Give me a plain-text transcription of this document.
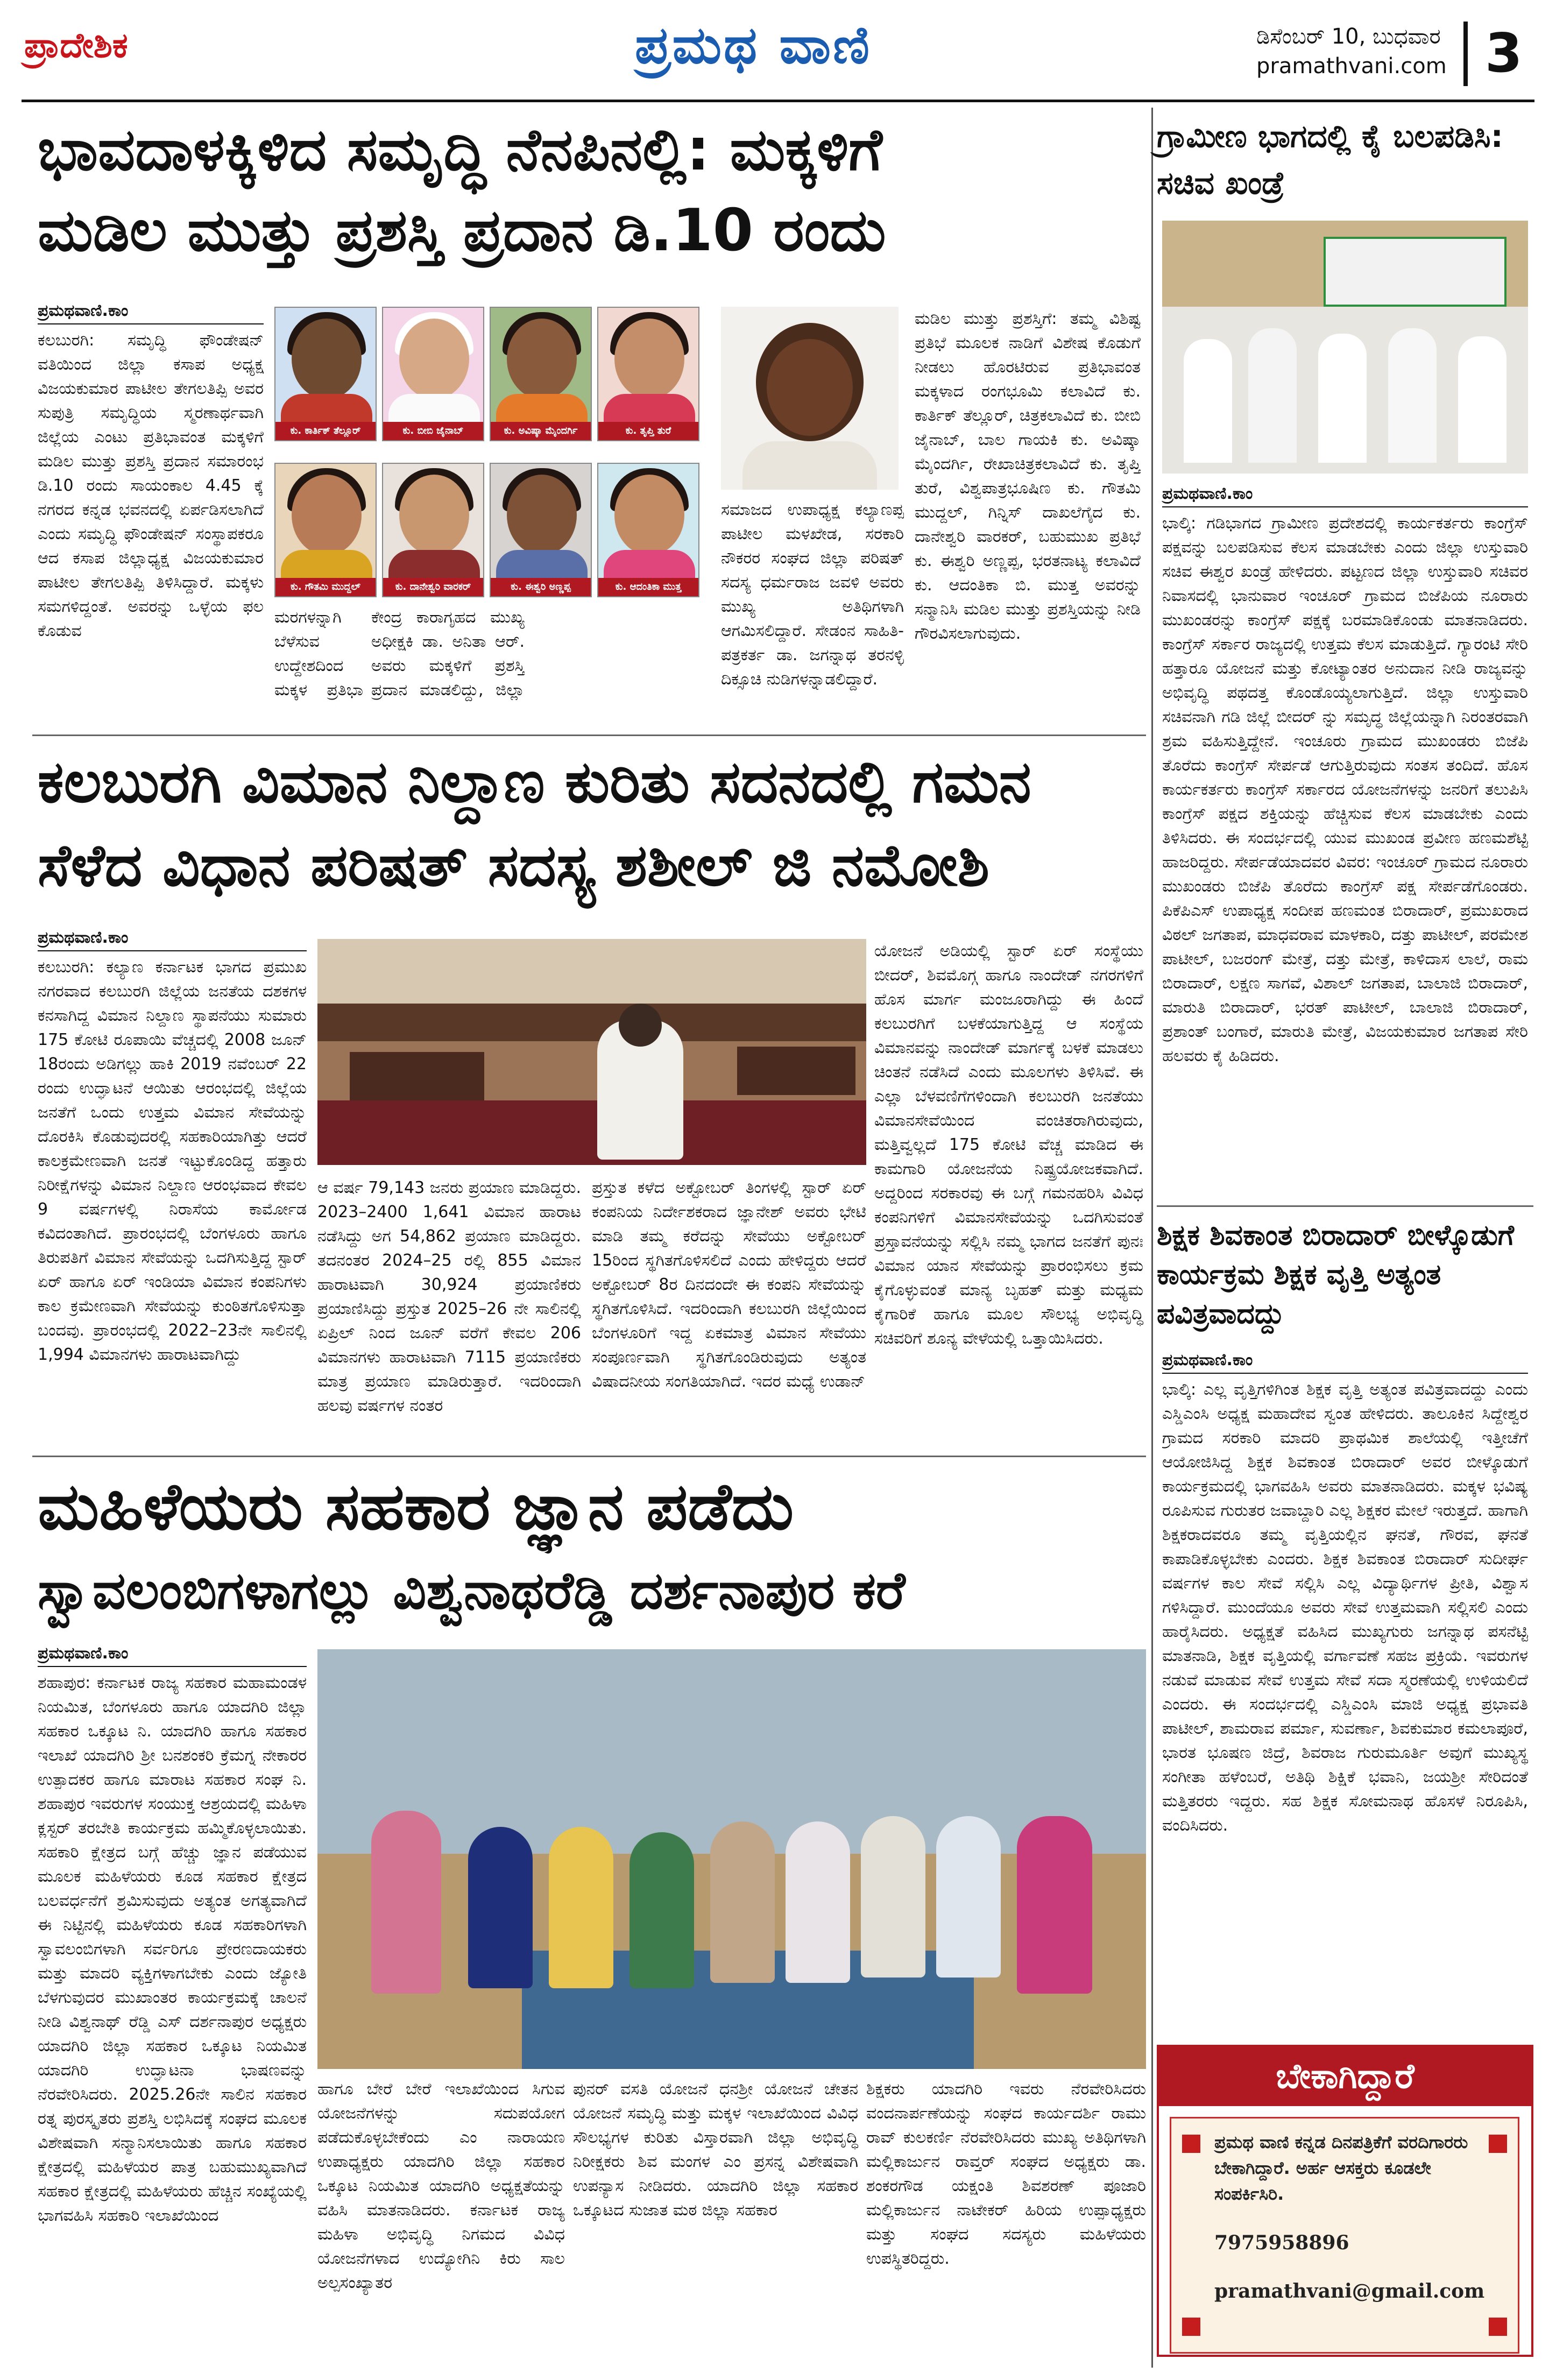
ಪ್ರಾದೇಶಿಕ	ಪ್ರಮಥ ವಾಣಿ	ಡಿಸೆಂಬರ್ 10, ಬುಧವಾರ
pramathvani.com 3
ಭಾವದಾಳಕ್ಕಿಳಿದ ಸಮೃದ್ಧಿ ನೆನಪಿನಲ್ಲಿ: ಮಕ್ಕಳಿಗೆ
ಮಡಿಲ ಮುತ್ತು ಪ್ರಶಸ್ತಿ ಪ್ರದಾನ ಡಿ.10 ರಂದು
ಪ್ರಮಥವಾಣಿ.ಕಾಂ
ಕಲಬುರಗಿ: ಸಮೃದ್ಧಿ ಫೌಂಡೇಷನ್ ವತಿಯಿಂದ ಜಿಲ್ಲಾ ಕಸಾಪ ಅಧ್ಯಕ್ಷ ವಿಜಯಕುಮಾರ ಪಾಟೀಲ ತೇಗಲತಿಪ್ಪಿ ಅವರ ಸುಪುತ್ರಿ ಸಮೃದ್ಧಿಯ ಸ್ಮರಣಾರ್ಥವಾಗಿ ಜಿಲ್ಲೆಯ ಎಂಟು ಪ್ರತಿಭಾವಂತ ಮಕ್ಕಳಿಗೆ ಮಡಿಲ ಮುತ್ತು ಪ್ರಶಸ್ತಿ ಪ್ರದಾನ ಸಮಾರಂಭ ಡಿ.10 ರಂದು ಸಾಯಂಕಾಲ 4.45 ಕ್ಕೆ ನಗರದ ಕನ್ನಡ ಭವನದಲ್ಲಿ ಏರ್ಪಡಿಸಲಾಗಿದೆ ಎಂದು ಸಮೃದ್ಧಿ ಫೌಂಡೇಷನ್ ಸಂಸ್ಥಾಪಕರೂ ಆದ ಕಸಾಪ ಜಿಲ್ಲಾಧ್ಯಕ್ಷ ವಿಜಯಕುಮಾರ ಪಾಟೀಲ ತೇಗಲತಿಪ್ಪಿ ತಿಳಿಸಿದ್ದಾರೆ. ಮಕ್ಕಳು ಸಮಗಳಿದ್ದಂತೆ. ಅವರನ್ನು ಒಳ್ಳೆಯ ಫಲ ಕೊಡುವ
ಕು. ಕಾರ್ತಿಕ್ ತೆಲ್ಲೂರ್	ಕು. ಬೀಬಿ ಜೈನಾಬ್	ಕು. ಅವಿಷ್ಕಾ ಮೈಂದರ್ಗಿ	ಕು. ತೃಪ್ತಿ ತುರೆ
ಕು. ಗೌತಮಿ ಮುದ್ದಲ್	ಕು. ದಾನೇಶ್ವರಿ ವಾರಕರ್	ಕು. ಈಶ್ವರಿ ಅಣ್ಣಪ್ಪ	ಕು. ಆದಂತಿಕಾ ಮುತ್ತ
ಮರಗಳನ್ನಾಗಿ ಬೆಳೆಸುವ ಉದ್ದೇಶದಿಂದ ಮಕ್ಕಳ ಪ್ರತಿಭಾ
ಕೇಂದ್ರ ಕಾರಾಗೃಹದ ಮುಖ್ಯ ಅಧೀಕ್ಷಕಿ ಡಾ. ಅನಿತಾ ಆರ್. ಅವರು ಮಕ್ಕಳಿಗೆ ಪ್ರಶಸ್ತಿ ಪ್ರದಾನ ಮಾಡಲಿದ್ದು, ಜಿಲ್ಲಾ
ಸಮಾಜದ ಉಪಾಧ್ಯಕ್ಷ ಕಲ್ಯಾಣಪ್ಪ ಪಾಟೀಲ ಮಳಖೇಡ, ಸರಕಾರಿ ನೌಕರರ ಸಂಘದ ಜಿಲ್ಲಾ ಪರಿಷತ್ ಸದಸ್ಯ ಧರ್ಮರಾಜ ಜವಳಿ ಅವರು ಮುಖ್ಯ ಅತಿಥಿಗಳಾಗಿ ಆಗಮಿಸಲಿದ್ದಾರೆ. ಸೇಡಂನ ಸಾಹಿತಿ-ಪತ್ರಕರ್ತ ಡಾ. ಜಗನ್ನಾಥ ತರನಳ್ಳಿ ದಿಕ್ಸೂಚಿ ನುಡಿಗಳನ್ನಾಡಲಿದ್ದಾರೆ.
ಮಡಿಲ ಮುತ್ತು ಪ್ರಶಸ್ತಿಗೆ: ತಮ್ಮ ವಿಶಿಷ್ಟ ಪ್ರತಿಭೆ ಮೂಲಕ ನಾಡಿಗೆ ವಿಶೇಷ ಕೊಡುಗೆ ನೀಡಲು ಹೊರಟಿರುವ ಪ್ರತಿಭಾವಂತ ಮಕ್ಕಳಾದ ರಂಗಭೂಮಿ ಕಲಾವಿದೆ ಕು. ಕಾರ್ತಿಕ್ ತೆಲ್ಲೂರ್, ಚಿತ್ರಕಲಾವಿದೆ ಕು. ಬೀಬಿ ಜೈನಾಬ್, ಬಾಲ ಗಾಯಕಿ ಕು. ಅವಿಷ್ಕಾ ಮೈಂದರ್ಗಿ, ರೇಖಾಚಿತ್ರಕಲಾವಿದೆ ಕು. ತೃಪ್ತಿ ತುರೆ, ವಿಶ್ವಪಾತ್ರಭೂಷಿಣ ಕು. ಗೌತಮಿ ಮುದ್ದಲ್, ಗಿನ್ನಿಸ್ ದಾಖಲೆಗೈದ ಕು. ದಾನೇಶ್ವರಿ ವಾರಕರ್, ಬಹುಮುಖ ಪ್ರತಿಭೆ ಕು. ಈಶ್ವರಿ ಅಣ್ಣಪ್ಪ, ಭರತನಾಟ್ಯ ಕಲಾವಿದೆ ಕು. ಆದಂತಿಕಾ ಬಿ. ಮುತ್ತ ಅವರನ್ನು ಸನ್ಮಾನಿಸಿ ಮಡಿಲ ಮುತ್ತು ಪ್ರಶಸ್ತಿಯನ್ನು ನೀಡಿ ಗೌರವಿಸಲಾಗುವುದು.
ಕಲಬುರಗಿ ವಿಮಾನ ನಿಲ್ದಾಣ ಕುರಿತು ಸದನದಲ್ಲಿ ಗಮನ
ಸೆಳೆದ ವಿಧಾನ ಪರಿಷತ್ ಸದಸ್ಯ ಶಶೀಲ್ ಜಿ ನಮೋಶಿ
ಪ್ರಮಥವಾಣಿ.ಕಾಂ
ಕಲಬುರಗಿ: ಕಲ್ಯಾಣ ಕರ್ನಾಟಕ ಭಾಗದ ಪ್ರಮುಖ ನಗರವಾದ ಕಲಬುರಗಿ ಜಿಲ್ಲೆಯ ಜನತೆಯ ದಶಕಗಳ ಕನಸಾಗಿದ್ದ ವಿಮಾನ ನಿಲ್ದಾಣ ಸ್ಥಾಪನೆಯು ಸುಮಾರು 175 ಕೋಟಿ ರೂಪಾಯಿ ವೆಚ್ಚದಲ್ಲಿ 2008 ಜೂನ್ 18ರಂದು ಅಡಿಗಲ್ಲು ಹಾಕಿ 2019 ನವೆಂಬರ್ 22 ರಂದು ಉದ್ಘಾಟನೆ ಆಯಿತು ಆರಂಭದಲ್ಲಿ ಜಿಲ್ಲೆಯ ಜನತೆಗೆ ಒಂದು ಉತ್ತಮ ವಿಮಾನ ಸೇವೆಯನ್ನು ದೊರಕಿಸಿ ಕೊಡುವುದರಲ್ಲಿ ಸಹಕಾರಿಯಾಗಿತ್ತು ಆದರೆ ಕಾಲಕ್ರಮೇಣವಾಗಿ ಜನತೆ ಇಟ್ಟುಕೊಂಡಿದ್ದ ಹತ್ತಾರು ನಿರೀಕ್ಷೆಗಳನ್ನು ವಿಮಾನ ನಿಲ್ದಾಣ ಆರಂಭವಾದ ಕೇವಲ 9 ವರ್ಷಗಳಲ್ಲಿ ನಿರಾಸೆಯ ಕಾರ್ಮೋಡ ಕವಿದಂತಾಗಿದೆ. ಪ್ರಾರಂಭದಲ್ಲಿ ಬೆಂಗಳೂರು ಹಾಗೂ ತಿರುಪತಿಗೆ ವಿಮಾನ ಸೇವೆಯನ್ನು ಒದಗಿಸುತ್ತಿದ್ದ ಸ್ಟಾರ್ ಏರ್ ಹಾಗೂ ಏರ್ ಇಂಡಿಯಾ ವಿಮಾನ ಕಂಪನಿಗಳು ಕಾಲ ಕ್ರಮೇಣವಾಗಿ ಸೇವೆಯನ್ನು ಕುಂಠಿತಗೊಳಿಸುತ್ತಾ ಬಂದವು. ಪ್ರಾರಂಭದಲ್ಲಿ 2022–23ನೇ ಸಾಲಿನಲ್ಲಿ 1,994 ವಿಮಾನಗಳು ಹಾರಾಟವಾಗಿದ್ದು
ಆ ವರ್ಷ 79,143 ಜನರು ಪ್ರಯಾಣ ಮಾಡಿದ್ದರು. 2023–2400 1,641 ವಿಮಾನ ಹಾರಾಟ ನಡೆಸಿದ್ದು ಅಗ 54,862 ಪ್ರಯಾಣ ಮಾಡಿದ್ದರು. ತದನಂತರ 2024–25 ರಲ್ಲಿ 855 ವಿಮಾನ ಹಾರಾಟವಾಗಿ 30,924 ಪ್ರಯಾಣಿಕರು ಪ್ರಯಾಣಿಸಿದ್ದು ಪ್ರಸ್ತುತ 2025–26 ನೇ ಸಾಲಿನಲ್ಲಿ ಏಪ್ರಿಲ್ ನಿಂದ ಜೂನ್ ವರೆಗೆ ಕೇವಲ 206 ವಿಮಾನಗಳು ಹಾರಾಟವಾಗಿ 7115 ಪ್ರಯಾಣಿಕರು ಮಾತ್ರ ಪ್ರಯಾಣ ಮಾಡಿರುತ್ತಾರೆ. ಇದರಿಂದಾಗಿ ಹಲವು ವರ್ಷಗಳ ನಂತರ
ಪ್ರಸ್ತುತ ಕಳೆದ ಅಕ್ಟೋಬರ್ ತಿಂಗಳಲ್ಲಿ ಸ್ಟಾರ್ ಏರ್ ಕಂಪನಿಯ ನಿರ್ದೇಶಕರಾದ ಜ್ಞಾನೇಶ್ ಅವರು ಭೇಟಿ ಮಾಡಿ ತಮ್ಮ ಕರೆದನ್ನು ಸೇವೆಯು ಅಕ್ಟೋಬರ್ 15ರಿಂದ ಸ್ಥಗಿತಗೊಳಿಸಲಿದೆ ಎಂದು ಹೇಳಿದ್ದರು ಆದರೆ ಅಕ್ಟೋಬರ್ 8ರ ದಿನದಂದೇ ಈ ಕಂಪನಿ ಸೇವೆಯನ್ನು ಸ್ಥಗಿತಗೊಳಿಸಿದೆ. ಇದರಿಂದಾಗಿ ಕಲಬುರಗಿ ಜಿಲ್ಲೆಯಿಂದ ಬೆಂಗಳೂರಿಗೆ ಇದ್ದ ಏಕಮಾತ್ರ ವಿಮಾನ ಸೇವೆಯು ಸಂಪೂರ್ಣವಾಗಿ ಸ್ಥಗಿತಗೊಂಡಿರುವುದು ಅತ್ಯಂತ ವಿಷಾದನೀಯ ಸಂಗತಿಯಾಗಿದೆ. ಇದರ ಮಧ್ಯೆ ಉಡಾನ್
ಯೋಜನೆ ಅಡಿಯಲ್ಲಿ ಸ್ಟಾರ್ ಏರ್ ಸಂಸ್ಥೆಯು ಬೀದರ್, ಶಿವಮೊಗ್ಗ ಹಾಗೂ ನಾಂದೇಡ್ ನಗರಗಳಿಗೆ ಹೊಸ ಮಾರ್ಗ ಮಂಜೂರಾಗಿದ್ದು ಈ ಹಿಂದೆ ಕಲಬುರಗಿಗೆ ಬಳಕೆಯಾಗುತ್ತಿದ್ದ ಆ ಸಂಸ್ಥೆಯ ವಿಮಾನವನ್ನು ನಾಂದೇಡ್ ಮಾರ್ಗಕ್ಕೆ ಬಳಕೆ ಮಾಡಲು ಚಿಂತನೆ ನಡೆಸಿದೆ ಎಂದು ಮೂಲಗಳು ತಿಳಿಸಿವೆ. ಈ ಎಲ್ಲಾ ಬೆಳವಣಿಗೆಗಳಿಂದಾಗಿ ಕಲಬುರಗಿ ಜನತೆಯು ವಿಮಾನಸೇವೆಯಿಂದ ವಂಚಿತರಾಗಿರುವುದು, ಮತ್ತಿವ್ವಲ್ಲದೆ 175 ಕೋಟಿ ವೆಚ್ಚ ಮಾಡಿದ ಈ ಕಾಮಗಾರಿ ಯೋಜನೆಯ ನಿಷ್ಪ್ರಯೋಜಕವಾಗಿದೆ. ಅದ್ದರಿಂದ ಸರಕಾರವು ಈ ಬಗ್ಗೆ ಗಮನಹರಿಸಿ ವಿವಿಧ ಕಂಪನಿಗಳಿಗೆ ವಿಮಾನಸೇವೆಯನ್ನು ಒದಗಿಸುವಂತೆ ಪ್ರಸ್ತಾವನೆಯನ್ನು ಸಲ್ಲಿಸಿ ನಮ್ಮ ಭಾಗದ ಜನತೆಗೆ ಪುನಃ ವಿಮಾನ ಯಾನ ಸೇವೆಯನ್ನು ಪ್ರಾರಂಭಿಸಲು ಕ್ರಮ ಕೈಗೊಳ್ಳುವಂತೆ ಮಾನ್ಯ ಬೃಹತ್ ಮತ್ತು ಮಧ್ಯಮ ಕೈಗಾರಿಕೆ ಹಾಗೂ ಮೂಲ ಸೌಲಭ್ಯ ಅಭಿವೃದ್ಧಿ ಸಚಿವರಿಗೆ ಶೂನ್ಯ ವೇಳೆಯಲ್ಲಿ ಒತ್ತಾಯಿಸಿದರು.
ಮಹಿಳೆಯರು ಸಹಕಾರ ಜ್ಞಾನ ಪಡೆದು
ಸ್ವಾವಲಂಬಿಗಳಾಗಲ್ಲು ವಿಶ್ವನಾಥರೆಡ್ಡಿ ದರ್ಶನಾಪುರ ಕರೆ
ಪ್ರಮಥವಾಣಿ.ಕಾಂ
ಶಹಾಪುರ: ಕರ್ನಾಟಕ ರಾಜ್ಯ ಸಹಕಾರ ಮಹಾಮಂಡಳ ನಿಯಮಿತ, ಬೆಂಗಳೂರು ಹಾಗೂ ಯಾದಗಿರಿ ಜಿಲ್ಲಾ ಸಹಕಾರ ಒಕ್ಕೂಟ ನಿ. ಯಾದಗಿರಿ ಹಾಗೂ ಸಹಕಾರ ಇಲಾಖೆ ಯಾದಗಿರಿ ಶ್ರೀ ಬನಶಂಕರಿ ಕ್ರೆಮಗ್ನ ನೇಕಾರರ ಉತ್ಪಾದಕರ ಹಾಗೂ ಮಾರಾಟ ಸಹಕಾರ ಸಂಘ ನಿ. ಶಹಾಪುರ ಇವರುಗಳ ಸಂಯುಕ್ತ ಆಶ್ರಯದಲ್ಲಿ ಮಹಿಳಾ ಕ್ಲಸ್ಟರ್ ತರಬೇತಿ ಕಾರ್ಯಕ್ರಮ ಹಮ್ಮಿಕೊಳ್ಳಲಾಯಿತು. ಸಹಕಾರಿ ಕ್ಷೇತ್ರದ ಬಗ್ಗೆ ಹೆಚ್ಚು ಜ್ಞಾನ ಪಡೆಯುವ ಮೂಲಕ ಮಹಿಳೆಯರು ಕೂಡ ಸಹಕಾರ ಕ್ಷೇತ್ರದ ಬಲವರ್ಧನೆಗೆ ಶ್ರಮಿಸುವುದು ಅತ್ಯಂತ ಅಗತ್ಯವಾಗಿದೆ ಈ ನಿಟ್ಟಿನಲ್ಲಿ ಮಹಿಳೆಯರು ಕೂಡ ಸಹಕಾರಿಗಳಾಗಿ ಸ್ವಾವಲಂಬಿಗಳಾಗಿ ಸರ್ವರಿಗೂ ಪ್ರೇರಣದಾಯಕರು ಮತ್ತು ಮಾದರಿ ವ್ಯಕ್ತಿಗಳಾಗಬೇಕು ಎಂದು ಜ್ಯೋತಿ ಬೆಳಗುವುದರ ಮುಖಾಂತರ ಕಾರ್ಯಕ್ರಮಕ್ಕೆ ಚಾಲನೆ ನೀಡಿ ವಿಶ್ವನಾಥ್ ರೆಡ್ಡಿ ಎಸ್ ದರ್ಶನಾಪುರ ಅಧ್ಯಕ್ಷರು ಯಾದಗಿರಿ ಜಿಲ್ಲಾ ಸಹಕಾರ ಒಕ್ಕೂಟ ನಿಯಮಿತ ಯಾದಗಿರಿ ಉದ್ಘಾಟನಾ ಭಾಷಣವನ್ನು ನೆರವೇರಿಸಿದರು. 2025.26ನೇ ಸಾಲಿನ ಸಹಕಾರ ರತ್ನ ಪುರಸ್ಕೃತರು ಪ್ರಶಸ್ತಿ ಲಭಿಸಿದಕ್ಕೆ ಸಂಘದ ಮೂಲಕ ವಿಶೇಷವಾಗಿ ಸನ್ಮಾನಿಸಲಾಯಿತು ಹಾಗೂ ಸಹಕಾರ ಕ್ಷೇತ್ರದಲ್ಲಿ ಮಹಿಳೆಯರ ಪಾತ್ರ ಬಹುಮುಖ್ಯವಾಗಿದೆ ಸಹಕಾರ ಕ್ಷೇತ್ರದಲ್ಲಿ ಮಹಿಳೆಯರು ಹೆಚ್ಚಿನ ಸಂಖ್ಯೆಯಲ್ಲಿ ಭಾಗವಹಿಸಿ ಸಹಕಾರಿ ಇಲಾಖೆಯಿಂದ
ಹಾಗೂ ಬೇರೆ ಬೇರೆ ಇಲಾಖೆಯಿಂದ ಸಿಗುವ ಯೋಜನೆಗಳನ್ನು ಸದುಪಯೋಗ ಪಡೆದುಕೊಳ್ಳಬೇಕೆಂದು ಎಂ ನಾರಾಯಣ ಉಪಾಧ್ಯಕ್ಷರು ಯಾದಗಿರಿ ಜಿಲ್ಲಾ ಸಹಕಾರ ಒಕ್ಕೂಟ ನಿಯಮಿತ ಯಾದಗಿರಿ ಅಧ್ಯಕ್ಷತೆಯನ್ನು ವಹಿಸಿ ಮಾತನಾಡಿದರು. ಕರ್ನಾಟಕ ರಾಜ್ಯ ಮಹಿಳಾ ಅಭಿವೃದ್ಧಿ ನಿಗಮದ ವಿವಿಧ ಯೋಜನೆಗಳಾದ ಉದ್ಯೋಗಿನಿ ಕಿರು ಸಾಲ ಅಲ್ಪಸಂಖ್ಯಾತರ
ಪುನರ್ ವಸತಿ ಯೋಜನೆ ಧನಶ್ರೀ ಯೋಜನೆ ಚೇತನ ಯೋಜನೆ ಸಮೃದ್ಧಿ ಮತ್ತು ಮಕ್ಕಳ ಇಲಾಖೆಯಿಂದ ವಿವಿಧ ಸೌಲಭ್ಯಗಳ ಕುರಿತು ವಿಸ್ತಾರವಾಗಿ ಜಿಲ್ಲಾ ಅಭಿವೃದ್ಧಿ ನಿರೀಕ್ಷಕರು ಶಿವ ಮಂಗಳ ಎಂ ಪ್ರಸನ್ನ ವಿಶೇಷವಾಗಿ ಉಪನ್ಯಾಸ ನೀಡಿದರು. ಯಾದಗಿರಿ ಜಿಲ್ಲಾ ಸಹಕಾರ ಒಕ್ಕೂಟದ ಸುಜಾತ ಮಠ ಜಿಲ್ಲಾ ಸಹಕಾರ
ಶಿಕ್ಷಕರು ಯಾದಗಿರಿ ಇವರು ನೆರವೇರಿಸಿದರು ವಂದನಾರ್ಪಣೆಯನ್ನು ಸಂಘದ ಕಾರ್ಯದರ್ಶಿ ರಾಮು ರಾವ್ ಕುಲಕರ್ಣಿ ನೆರವೇರಿಸಿದರು ಮುಖ್ಯ ಅತಿಥಿಗಳಾಗಿ ಮಲ್ಲಿಕಾರ್ಜುನ ರಾವ್ತರ್ ಸಂಘದ ಅಧ್ಯಕ್ಷರು ಡಾ. ಶಂಕರಗೌಡ ಯಕ್ಷಂತಿ ಶಿವಶರಣ್ ಪೂಜಾರಿ ಮಲ್ಲಿಕಾರ್ಜುನ ನಾಟೇಕರ್ ಹಿರಿಯ ಉಪ್ಪಾಧ್ಯಕ್ಷರು ಮತ್ತು ಸಂಘದ ಸದಸ್ಯರು ಮಹಿಳೆಯರು ಉಪಸ್ಥಿತರಿದ್ದರು.
ಗ್ರಾಮೀಣ ಭಾಗದಲ್ಲಿ ಕೈ ಬಲಪಡಿಸಿ: ಸಚಿವ ಖಂಡ್ರೆ
ಪ್ರಮಥವಾಣಿ.ಕಾಂ
ಭಾಲ್ಕಿ: ಗಡಿಭಾಗದ ಗ್ರಾಮೀಣ ಪ್ರದೇಶದಲ್ಲಿ ಕಾರ್ಯಕರ್ತರು ಕಾಂಗ್ರೆಸ್ ಪಕ್ಷವನ್ನು ಬಲಪಡಿಸುವ ಕೆಲಸ ಮಾಡಬೇಕು ಎಂದು ಜಿಲ್ಲಾ ಉಸ್ತುವಾರಿ ಸಚಿವ ಈಶ್ವರ ಖಂಡ್ರೆ ಹೇಳಿದರು. ಪಟ್ಟಣದ ಜಿಲ್ಲಾ ಉಸ್ತುವಾರಿ ಸಚಿವರ ನಿವಾಸದಲ್ಲಿ ಭಾನುವಾರ ಇಂಚೂರ್ ಗ್ರಾಮದ ಬಿಜೆಪಿಯ ನೂರಾರು ಮುಖಂಡರನ್ನು ಕಾಂಗ್ರೆಸ್ ಪಕ್ಷಕ್ಕೆ ಬರಮಾಡಿಕೊಂಡು ಮಾತನಾಡಿದರು. ಕಾಂಗ್ರೆಸ್ ಸರ್ಕಾರ ರಾಜ್ಯದಲ್ಲಿ ಉತ್ತಮ ಕೆಲಸ ಮಾಡುತ್ತಿದೆ. ಗ್ಯಾರಂಟಿ ಸೇರಿ ಹತ್ತಾರೂ ಯೋಜನೆ ಮತ್ತು ಕೋಟ್ಯಾಂತರ ಅನುದಾನ ನೀಡಿ ರಾಜ್ಯವನ್ನು ಅಭಿವೃದ್ಧಿ ಪಥದತ್ತ ಕೊಂಡೊಯ್ಯಲಾಗುತ್ತಿದೆ. ಜಿಲ್ಲಾ ಉಸ್ತುವಾರಿ ಸಚಿವನಾಗಿ ಗಡಿ ಜಿಲ್ಲೆ ಬೀದರ್ ನ್ನು ಸಮೃದ್ಧ ಜಿಲ್ಲೆಯನ್ನಾಗಿ ನಿರಂತರವಾಗಿ ಶ್ರಮ ವಹಿಸುತ್ತಿದ್ದೇನೆ. ಇಂಚೂರು ಗ್ರಾಮದ ಮುಖಂಡರು ಬಿಜೆಪಿ ತೊರೆದು ಕಾಂಗ್ರೆಸ್ ಸೇರ್ಪಡೆ ಆಗುತ್ತಿರುವುದು ಸಂತಸ ತಂದಿದೆ. ಹೊಸ ಕಾರ್ಯಕರ್ತರು ಕಾಂಗ್ರೆಸ್ ಸರ್ಕಾರದ ಯೋಜನೆಗಳನ್ನು ಜನರಿಗೆ ತಲುಪಿಸಿ ಕಾಂಗ್ರೆಸ್ ಪಕ್ಷದ ಶಕ್ತಿಯನ್ನು ಹೆಚ್ಚಿಸುವ ಕೆಲಸ ಮಾಡಬೇಕು ಎಂದು ತಿಳಿಸಿದರು. ಈ ಸಂದರ್ಭದಲ್ಲಿ ಯುವ ಮುಖಂಡ ಪ್ರವೀಣ ಹಣಮಶೆಟ್ಟಿ ಹಾಜರಿದ್ದರು. ಸೇರ್ಪಡೆಯಾದವರ ವಿವರ: ಇಂಚೂರ್ ಗ್ರಾಮದ ನೂರಾರು ಮುಖಂಡರು ಬಿಜೆಪಿ ತೊರೆದು ಕಾಂಗ್ರೆಸ್ ಪಕ್ಷ ಸೇರ್ಪಡೆಗೊಂಡರು. ಪಿಕೆಪಿಎಸ್ ಉಪಾಧ್ಯಕ್ಷ ಸಂದೀಪ ಹಣಮಂತ ಬಿರಾದಾರ್, ಪ್ರಮುಖರಾದ ವಿಠಲ್ ಜಗತಾಪ, ಮಾಧವರಾವ ಮಾಳಕಾರಿ, ದತ್ತು ಪಾಟೀಲ್, ಪರಮೇಶ ಪಾಟೀಲ್, ಬಜರಂಗ್ ಮೇತ್ರೆ, ದತ್ತು ಮೇತ್ರೆ, ಕಾಳಿದಾಸ ಲಾಲೆ, ರಾಮ ಬಿರಾದಾರ್, ಲಕ್ಷಣ ಸಾಗವೆ, ವಿಶಾಲ್ ಜಗತಾಪ, ಬಾಲಾಜಿ ಬಿರಾದಾರ್, ಮಾರುತಿ ಬಿರಾದಾರ್, ಭರತ್ ಪಾಟೀಲ್, ಬಾಲಾಜಿ ಬಿರಾದಾರ್, ಪ್ರಶಾಂತ್ ಬಂಗಾರೆ, ಮಾರುತಿ ಮೇತ್ರೆ, ವಿಜಯಕುಮಾರ ಜಗತಾಪ ಸೇರಿ ಹಲವರು ಕೈ ಹಿಡಿದರು.
ಶಿಕ್ಷಕ ಶಿವಕಾಂತ ಬಿರಾದಾರ್ ಬೀಳ್ಕೊಡುಗೆ ಕಾರ್ಯಕ್ರಮ ಶಿಕ್ಷಕ ವೃತ್ತಿ ಅತ್ಯಂತ ಪವಿತ್ರವಾದದ್ದು
ಪ್ರಮಥವಾಣಿ.ಕಾಂ
ಭಾಲ್ಕಿ: ಎಲ್ಲ ವೃತ್ತಿಗಳಿಗಿಂತ ಶಿಕ್ಷಕ ವೃತ್ತಿ ಅತ್ಯಂತ ಪವಿತ್ರವಾದದ್ದು ಎಂದು ಎಸ್ಡಿಎಂಸಿ ಅಧ್ಯಕ್ಷ ಮಹಾದೇವ ಸ್ವಂತ ಹೇಳಿದರು. ತಾಲೂಕಿನ ಸಿದ್ದೇಶ್ವರ ಗ್ರಾಮದ ಸರಕಾರಿ ಮಾದರಿ ಪ್ರಾಥಮಿಕ ಶಾಲೆಯಲ್ಲಿ ಇತ್ತೀಚೆಗೆ ಆಯೋಜಿಸಿದ್ದ ಶಿಕ್ಷಕ ಶಿವಕಾಂತ ಬಿರಾದಾರ್ ಅವರ ಬೀಳ್ಕೊಡುಗೆ ಕಾರ್ಯಕ್ರಮದಲ್ಲಿ ಭಾಗವಹಿಸಿ ಅವರು ಮಾತನಾಡಿದರು. ಮಕ್ಕಳ ಭವಿಷ್ಯ ರೂಪಿಸುವ ಗುರುತರ ಜವಾಬ್ದಾರಿ ಎಲ್ಲ ಶಿಕ್ಷಕರ ಮೇಲೆ ಇರುತ್ತದೆ. ಹಾಗಾಗಿ ಶಿಕ್ಷಕರಾದವರೂ ತಮ್ಮ ವೃತ್ತಿಯಲ್ಲಿನ ಘನತೆ, ಗೌರವ, ಘನತೆ ಕಾಪಾಡಿಕೊಳ್ಳಬೇಕು ಎಂದರು. ಶಿಕ್ಷಕ ಶಿವಕಾಂತ ಬಿರಾದಾರ್ ಸುದೀರ್ಘ ವರ್ಷಗಳ ಕಾಲ ಸೇವೆ ಸಲ್ಲಿಸಿ ಎಲ್ಲ ವಿದ್ಯಾರ್ಥಿಗಳ ಪ್ರೀತಿ, ವಿಶ್ವಾಸ ಗಳಿಸಿದ್ದಾರೆ. ಮುಂದೆಯೂ ಅವರು ಸೇವೆ ಉತ್ತಮವಾಗಿ ಸಲ್ಲಿಸಲಿ ಎಂದು ಹಾರೈಸಿದರು. ಅಧ್ಯಕ್ಷತೆ ವಹಿಸಿದ ಮುಖ್ಯಗುರು ಜಗನ್ನಾಥ ಪಸನೆಟ್ಟಿ ಮಾತನಾಡಿ, ಶಿಕ್ಷಕ ವೃತ್ತಿಯಲ್ಲಿ ವರ್ಗಾವಣೆ ಸಹಜ ಪ್ರಕ್ರಿಯೆ. ಇವರುಗಳ ನಡುವೆ ಮಾಡುವ ಸೇವೆ ಉತ್ತಮ ಸೇವೆ ಸದಾ ಸ್ಮರಣೆಯಲ್ಲಿ ಉಳಿಯಲಿದೆ ಎಂದರು. ಈ ಸಂದರ್ಭದಲ್ಲಿ ಎಸ್ಡಿಎಂಸಿ ಮಾಜಿ ಅಧ್ಯಕ್ಷ ಪ್ರಭಾವತಿ ಪಾಟೀಲ್, ಶಾಮರಾವ ಪರ್ಮಾ, ಸುವರ್ಣಾ, ಶಿವಕುಮಾರ ಕಮಲಾಪೂರೆ, ಭಾರತ ಭೂಷಣ ಜಿದ್ರೆ, ಶಿವರಾಜ ಗುರುಮೂರ್ತಿ ಅವುಗೆ ಮುಖ್ಯಸ್ಥ ಸಂಗೀತಾ ಹಳೆಂಬರೆ, ಅತಿಥಿ ಶಿಕ್ಷಿಕೆ ಭವಾನಿ, ಜಯಶ್ರೀ ಸೇರಿದಂತೆ ಮತ್ತಿತರರು ಇದ್ದರು. ಸಹ ಶಿಕ್ಷಕ ಸೋಮನಾಥ ಹೊಸಳೆ ನಿರೂಪಿಸಿ, ವಂದಿಸಿದರು.
ಬೇಕಾಗಿದ್ದಾರೆ
ಪ್ರಮಥ ವಾಣಿ ಕನ್ನಡ ದಿನಪತ್ರಿಕೆಗೆ ವರದಿಗಾರರು ಬೇಕಾಗಿದ್ದಾರೆ. ಅರ್ಹ ಆಸಕ್ತರು ಕೂಡಲೇ ಸಂಪರ್ಕಿಸಿರಿ.
7975958896
pramathvani@gmail.com
